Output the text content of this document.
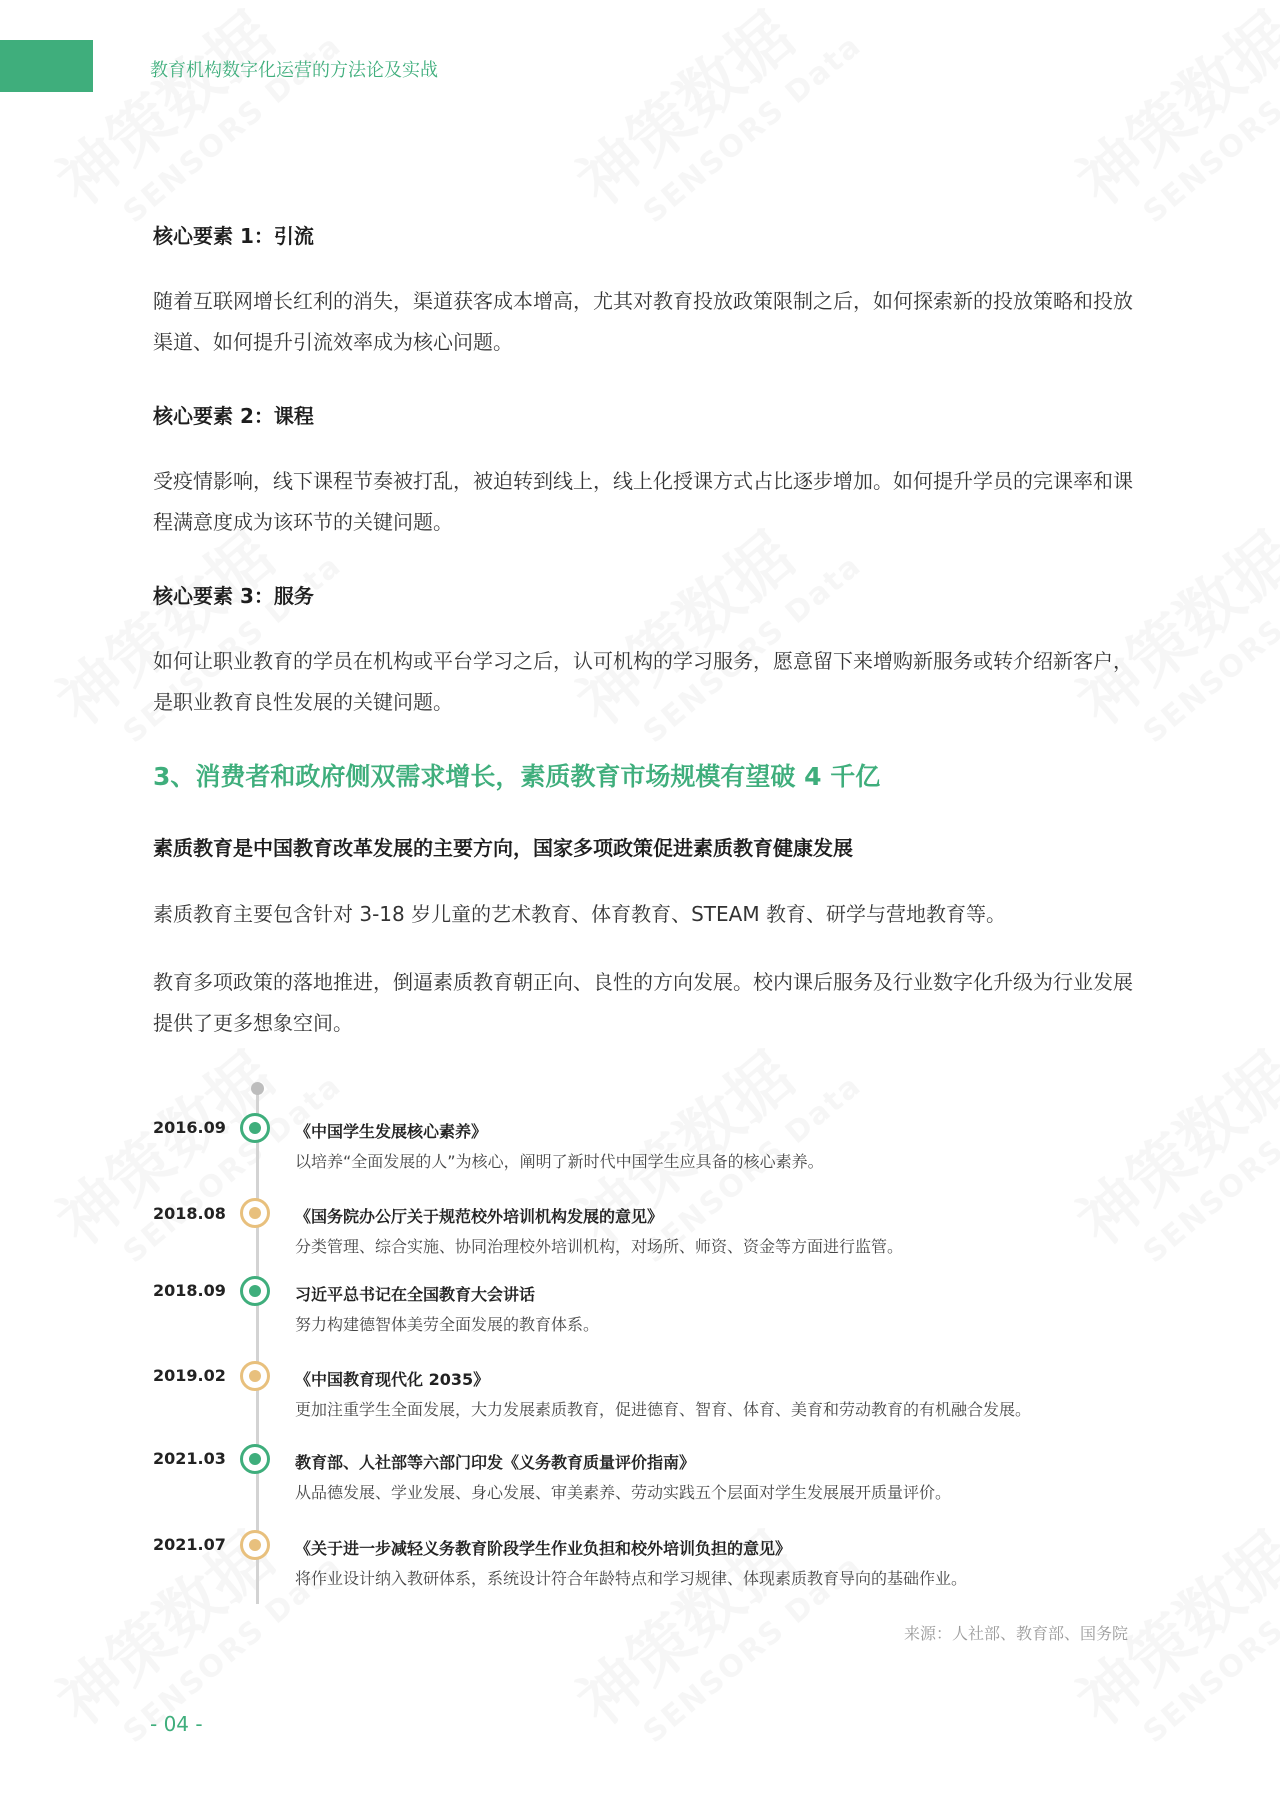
教育机构数字化运营的方法论及实战
核心要素 1：引流
随着互联网增长红利的消失，渠道获客成本增高，尤其对教育投放政策限制之后，如何探索新的投放策略和投放渠道、如何提升引流效率成为核心问题。
核心要素 2：课程
受疫情影响，线下课程节奏被打乱，被迫转到线上，线上化授课方式占比逐步增加。如何提升学员的完课率和课程满意度成为该环节的关键问题。
核心要素 3：服务
如何让职业教育的学员在机构或平台学习之后，认可机构的学习服务，愿意留下来增购新服务或转介绍新客户，是职业教育良性发展的关键问题。
3、消费者和政府侧双需求增长，素质教育市场规模有望破 4 千亿
素质教育是中国教育改革发展的主要方向，国家多项政策促进素质教育健康发展
素质教育主要包含针对 3-18 岁儿童的艺术教育、体育教育、STEAM 教育、研学与营地教育等。
教育多项政策的落地推进，倒逼素质教育朝正向、良性的方向发展。校内课后服务及行业数字化升级为行业发展提供了更多想象空间。
2016.09	《中国学生发展核心素养》
以培养“全面发展的人”为核心，阐明了新时代中国学生应具备的核心素养。
2018.08	《国务院办公厅关于规范校外培训机构发展的意见》
分类管理、综合实施、协同治理校外培训机构，对场所、师资、资金等方面进行监管。
2018.09	习近平总书记在全国教育大会讲话
努力构建德智体美劳全面发展的教育体系。
2019.02	《中国教育现代化 2035》
更加注重学生全面发展，大力发展素质教育，促进德育、智育、体育、美育和劳动教育的有机融合发展。
2021.03	教育部、人社部等六部门印发《义务教育质量评价指南》
从品德发展、学业发展、身心发展、审美素养、劳动实践五个层面对学生发展展开质量评价。
2021.07	《关于进一步减轻义务教育阶段学生作业负担和校外培训负担的意见》
将作业设计纳入教研体系，系统设计符合年龄特点和学习规律、体现素质教育导向的基础作业。
来源：人社部、教育部、国务院
- 04 -
